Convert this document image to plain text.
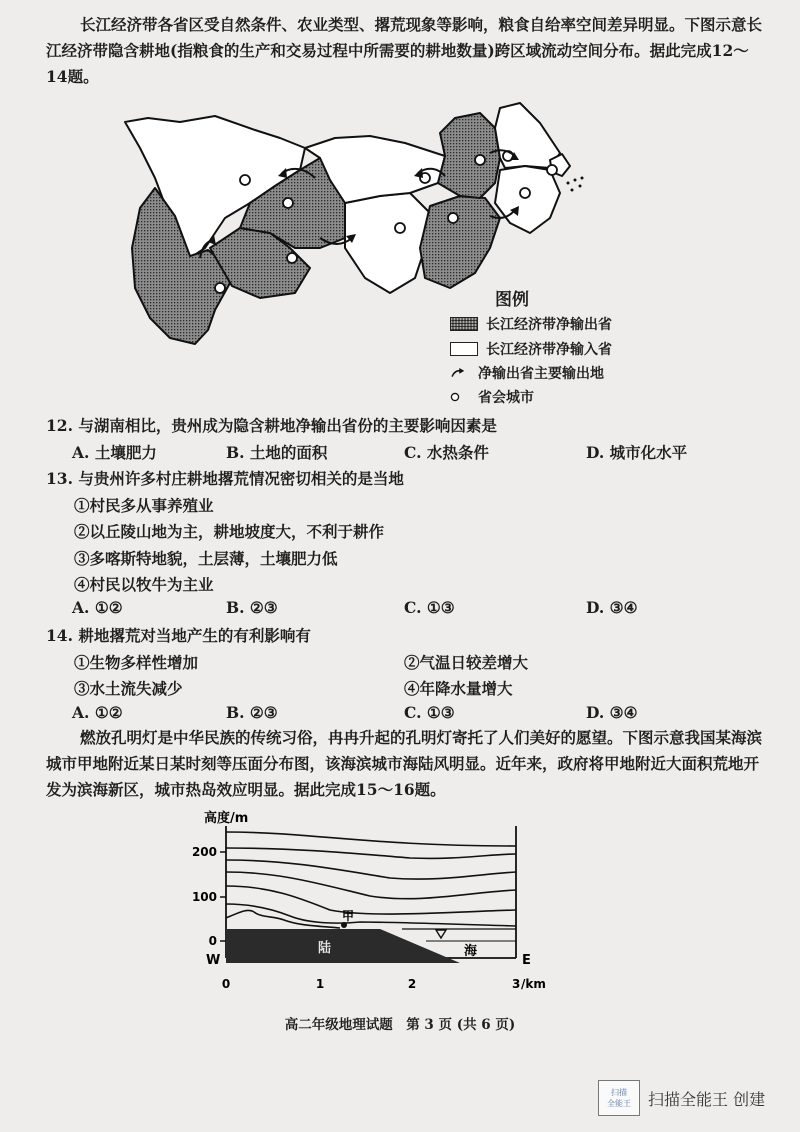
长江经济带各省区受自然条件、农业类型、撂荒现象等影响，粮食自给率空间差异明显。下图示意长江经济带隐含耕地(指粮食的生产和交易过程中所需要的耕地数量)跨区域流动空间分布。据此完成12～14题。

图例
长江经济带净输出省
长江经济带净输入省
净输出省主要输出地
省会城市
12. 与湖南相比，贵州成为隐含耕地净输出省份的主要影响因素是
A. 土壤肥力	B. 土地的面积	C. 水热条件	D. 城市化水平
13. 与贵州许多村庄耕地撂荒情况密切相关的是当地
①村民多从事养殖业
②以丘陵山地为主，耕地坡度大，不利于耕作
③多喀斯特地貌，土层薄，土壤肥力低
④村民以牧牛为主业
A. ①②	B. ②③	C. ①③	D. ③④
14. 耕地撂荒对当地产生的有利影响有
①生物多样性增加	②气温日较差增大
③水土流失减少	④年降水量增大
A. ①②	B. ②③	C. ①③	D. ③④

燃放孔明灯是中华民族的传统习俗，冉冉升起的孔明灯寄托了人们美好的愿望。下图示意我国某海滨城市甲地附近某日某时刻等压面分布图，该海滨城市海陆风明显。近年来，政府将甲地附近大面积荒地开发为滨海新区，城市热岛效应明显。据此完成15～16题。

高度/m
200
100
0
0	1	2	3 /km
W	E
陆	海
甲
高二年级地理试题　第 3 页 (共 6 页)
扫描
全能王 扫描全能王 创建
